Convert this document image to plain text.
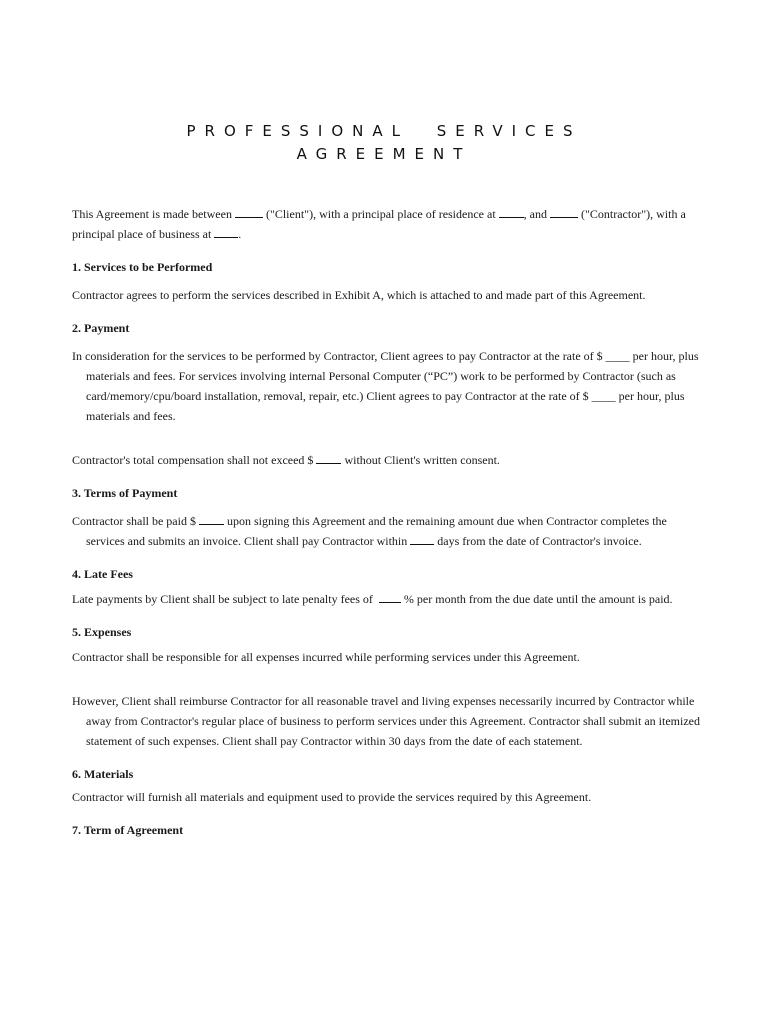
PROFESSIONAL SERVICES
AGREEMENT

This Agreement is made between  ("Client"), with a principal place of residence at , and  ("Contractor"), with a principal place of business at .

1. Services to be Performed

Contractor agrees to perform the services described in Exhibit A, which is attached to and made part of this Agreement.

2. Payment

In consideration for the services to be performed by Contractor, Client agrees to pay Contractor at the rate of $ ____ per hour, plus materials and fees. For services involving internal Personal Computer (“PC”) work to be performed by Contractor (such as card/memory/cpu/board installation, removal, repair, etc.) Client agrees to pay Contractor at the rate of $ ____ per hour, plus materials and fees.

Contractor's total compensation shall not exceed $  without Client's written consent.

3. Terms of Payment

Contractor shall be paid $  upon signing this Agreement and the remaining amount due when Contractor completes the services and submits an invoice. Client shall pay Contractor within  days from the date of Contractor's invoice.

4. Late Fees

Late payments by Client shall be subject to late penalty fees of   % per month from the due date until the amount is paid.

5. Expenses

Contractor shall be responsible for all expenses incurred while performing services under this Agreement.

However, Client shall reimburse Contractor for all reasonable travel and living expenses necessarily incurred by Contractor while away from Contractor's regular place of business to perform services under this Agreement. Contractor shall submit an itemized statement of such expenses. Client shall pay Contractor within 30 days from the date of each statement.

6. Materials

Contractor will furnish all materials and equipment used to provide the services required by this Agreement.

7. Term of Agreement
